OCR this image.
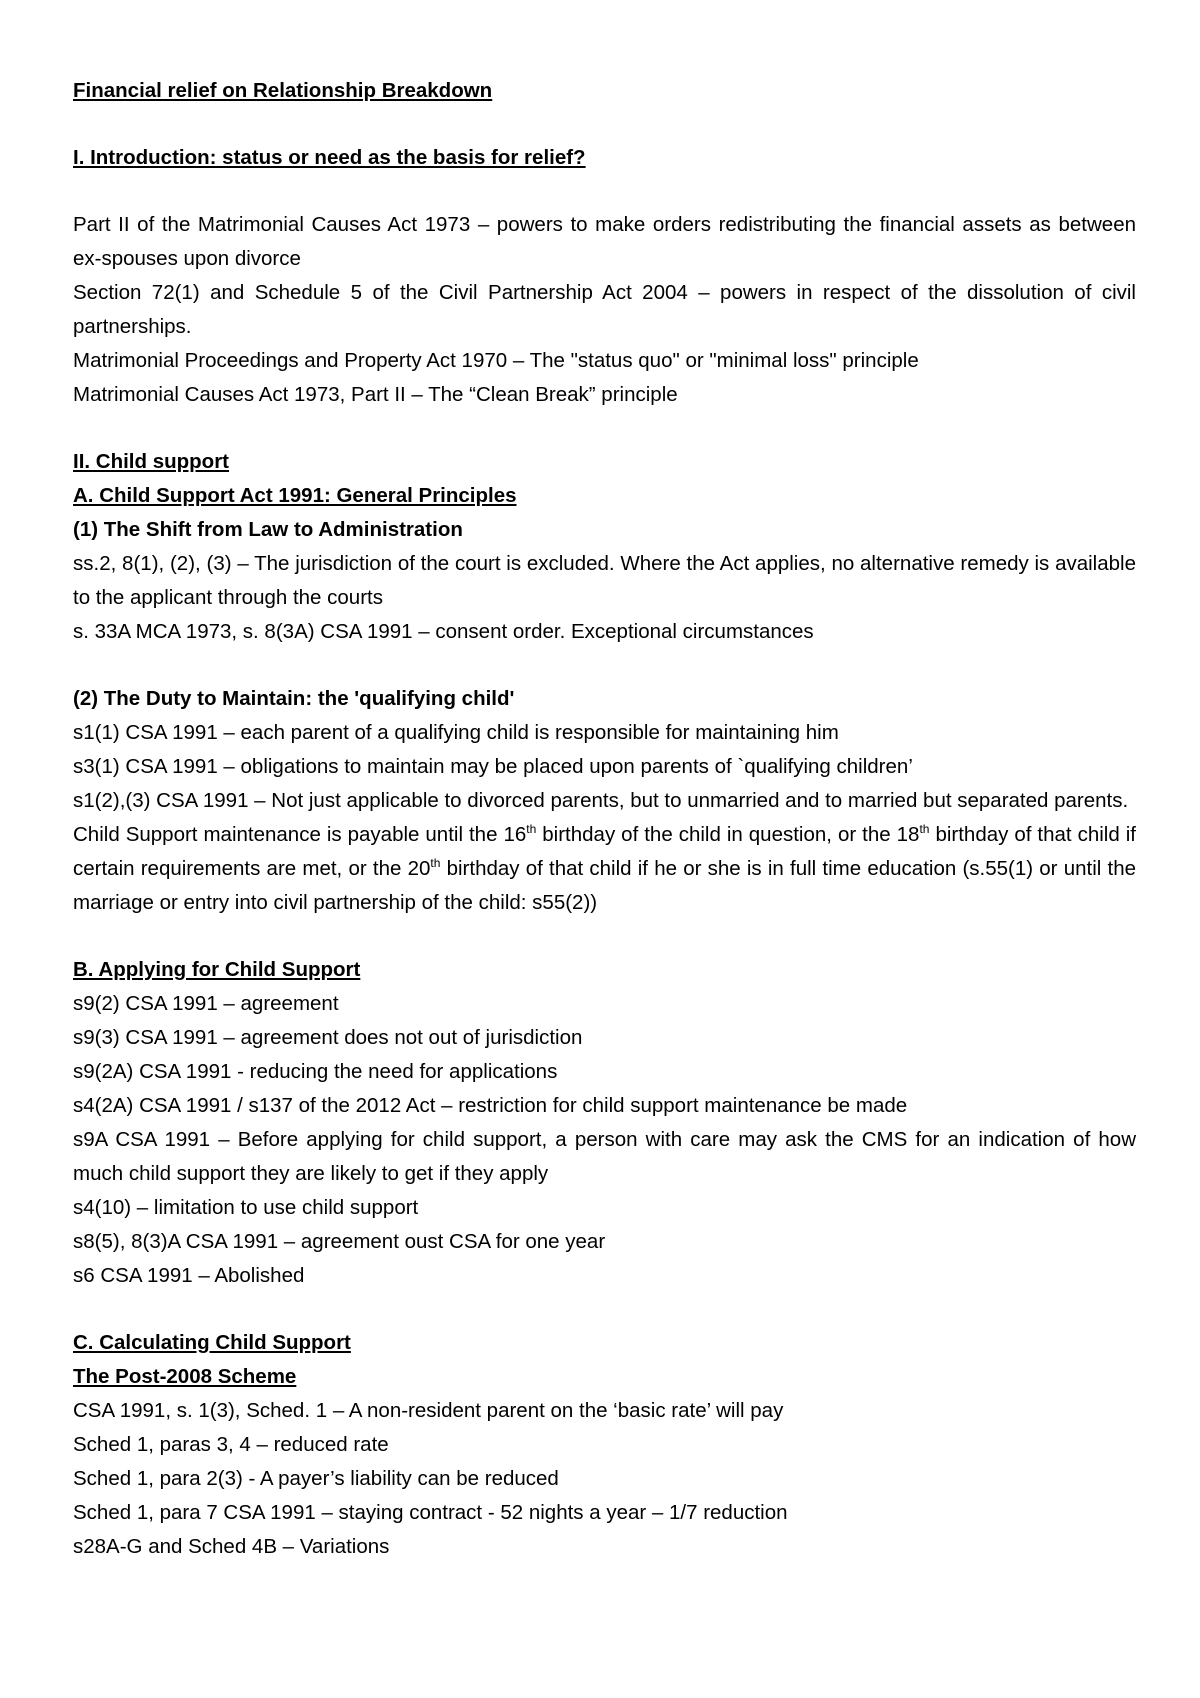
Financial relief on Relationship Breakdown
I. Introduction: status or need as the basis for relief?
Part II of the Matrimonial Causes Act 1973 – powers to make orders redistributing the financial assets as between ex-spouses upon divorce
Section 72(1) and Schedule 5 of the Civil Partnership Act 2004 – powers in respect of the dissolution of civil partnerships.
Matrimonial Proceedings and Property Act 1970 – The "status quo" or "minimal loss" principle
Matrimonial Causes Act 1973, Part II – The “Clean Break” principle
II. Child support
A. Child Support Act 1991: General Principles
(1) The Shift from Law to Administration
ss.2, 8(1), (2), (3) – The jurisdiction of the court is excluded. Where the Act applies, no alternative remedy is available to the applicant through the courts
s. 33A MCA 1973, s. 8(3A) CSA 1991 – consent order. Exceptional circumstances
(2) The Duty to Maintain: the 'qualifying child'
s1(1) CSA 1991 – each parent of a qualifying child is responsible for maintaining him
s3(1) CSA 1991 – obligations to maintain may be placed upon parents of `qualifying children’
s1(2),(3) CSA 1991 – Not just applicable to divorced parents, but to unmarried and to married but separated parents.
Child Support maintenance is payable until the 16th birthday of the child in question, or the 18th birthday of that child if certain requirements are met, or the 20th birthday of that child if he or she is in full time education (s.55(1) or until the marriage or entry into civil partnership of the child: s55(2))
B. Applying for Child Support
s9(2) CSA 1991 – agreement
s9(3) CSA 1991 – agreement does not out of jurisdiction
s9(2A) CSA 1991 - reducing the need for applications
s4(2A) CSA 1991 / s137 of the 2012 Act – restriction for child support maintenance be made
s9A CSA 1991 – Before applying for child support, a person with care may ask the CMS for an indication of how much child support they are likely to get if they apply
s4(10) – limitation to use child support
s8(5), 8(3)A CSA 1991 – agreement oust CSA for one year
s6 CSA 1991 – Abolished
C. Calculating Child Support
The Post-2008 Scheme
CSA 1991, s. 1(3), Sched. 1 – A non-resident parent on the ‘basic rate’ will pay
Sched 1, paras 3, 4 – reduced rate
Sched 1, para 2(3) - A payer’s liability can be reduced
Sched 1, para 7 CSA 1991 – staying contract - 52 nights a year – 1/7 reduction
s28A-G and Sched 4B – Variations
